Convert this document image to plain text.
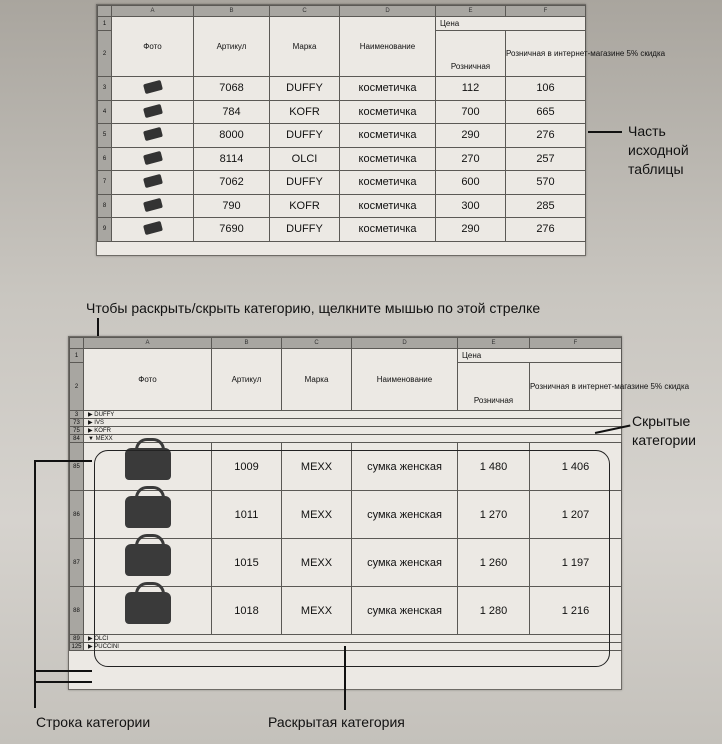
	A	B	C	D	E	F
1	Фото	Артикул	Марка	Наименование	Цена	
2					Розничная	Розничная в интернет-магазине 5% скидка
3		7068	DUFFY	косметичка	112	106
4		784	KOFR	косметичка	700	665
5		8000	DUFFY	косметичка	290	276
6		8114	OLCI	косметичка	270	257
7		7062	DUFFY	косметичка	600	570
8		790	KOFR	косметичка	300	285
9		7690	DUFFY	косметичка	290	276
Часть
исходной
таблицы
Чтобы раскрыть/скрыть категорию, щелкните мышью по этой стрелке
	A	B	C	D	E	F
1	Фото	Артикул	Марка	Наименование	Цена	
2					Розничная	Розничная в интернет-магазине 5% скидка
3	▶ DUFFY					
73	▶ IVS					
75	▶ KOFR					
84	▼ MEXX					
85		1009	MEXX	сумка женская	1 480	1 406
86		1011	MEXX	сумка женская	1 270	1 207
87		1015	MEXX	сумка женская	1 260	1 197
88		1018	MEXX	сумка женская	1 280	1 216
89	▶ OLCI					
125	▶ PUCCINI					
Скрытые
категории
Строка категории	Раскрытая категория
